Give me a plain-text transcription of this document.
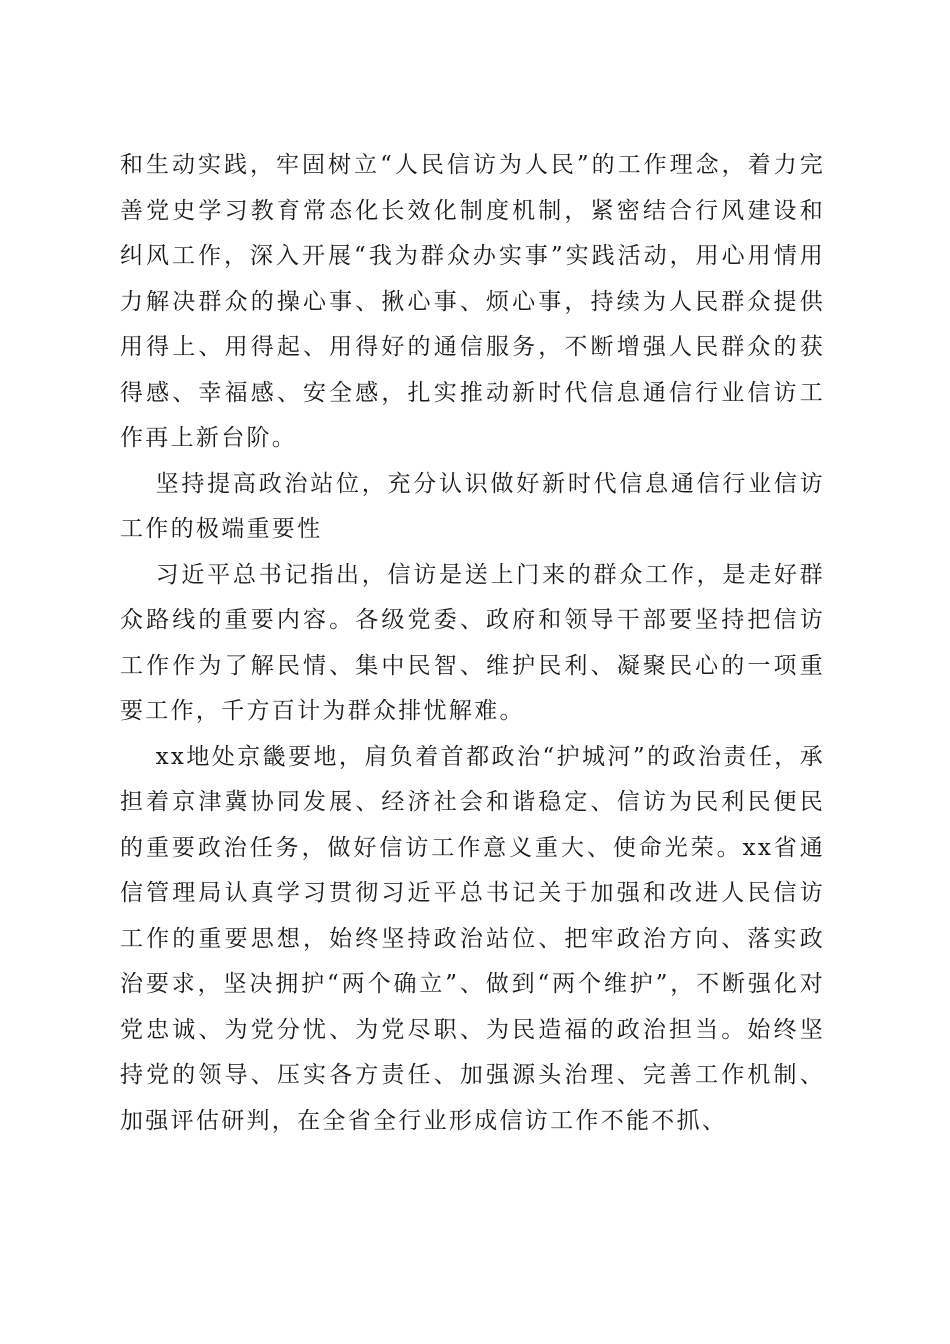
和生动实践，牢固树立“人民信访为人民”的工作理念，着力完善党史学习教育常态化长效化制度机制，紧密结合行风建设和纠风工作，深入开展“我为群众办实事”实践活动，用心用情用力解决群众的操心事、揪心事、烦心事，持续为人民群众提供用得上、用得起、用得好的通信服务，不断增强人民群众的获得感、幸福感、安全感，扎实推动新时代信息通信行业信访工作再上新台阶。

坚持提高政治站位，充分认识做好新时代信息通信行业信访工作的极端重要性

习近平总书记指出，信访是送上门来的群众工作，是走好群众路线的重要内容。各级党委、政府和领导干部要坚持把信访工作作为了解民情、集中民智、维护民利、凝聚民心的一项重要工作，千方百计为群众排忧解难。

xx地处京畿要地，肩负着首都政治“护城河”的政治责任，承担着京津冀协同发展、经济社会和谐稳定、信访为民利民便民的重要政治任务，做好信访工作意义重大、使命光荣。xx省通信管理局认真学习贯彻习近平总书记关于加强和改进人民信访工作的重要思想，始终坚持政治站位、把牢政治方向、落实政治要求，坚决拥护“两个确立”、做到“两个维护”，不断强化对党忠诚、为党分忧、为党尽职、为民造福的政治担当。始终坚持党的领导、压实各方责任、加强源头治理、完善工作机制、加强评估研判，在全省全行业形成信访工作不能不抓、
